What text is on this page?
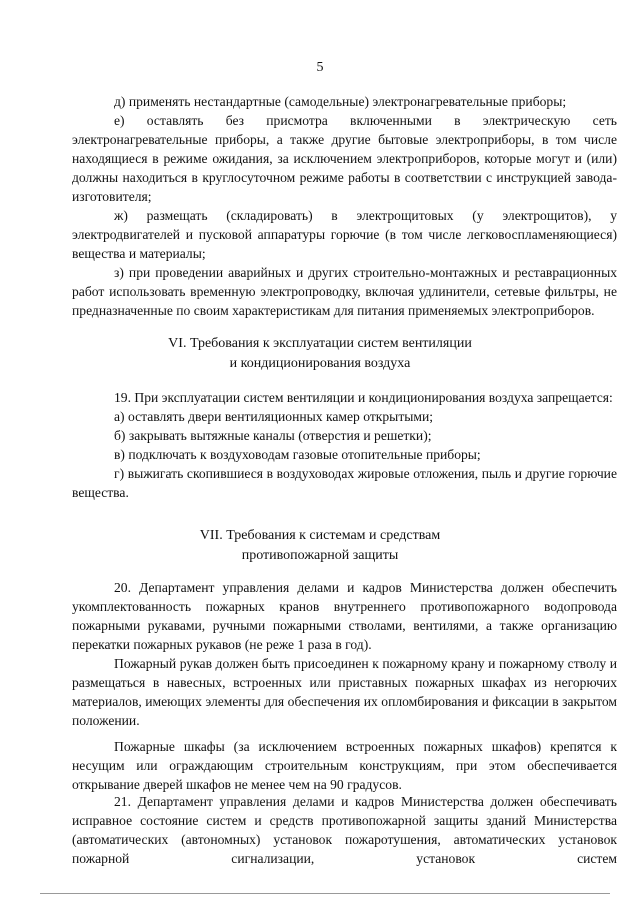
5

д) применять нестандартные (самодельные) электронагревательные приборы;

е) оставлять без присмотра включенными в электрическую сеть электронагревательные приборы, а также другие бытовые электроприборы, в том числе находящиеся в режиме ожидания, за исключением электроприборов, которые могут и (или) должны находиться в круглосуточном режиме работы в соответствии с инструкцией завода-изготовителя;

ж) размещать (складировать) в электрощитовых (у электрощитов), у электродвигателей и пусковой аппаратуры горючие (в том числе легковоспламеняющиеся) вещества и материалы;

з) при проведении аварийных и других строительно-монтажных и реставрационных работ использовать временную электропроводку, включая удлинители, сетевые фильтры, не предназначенные по своим характеристикам для питания применяемых электроприборов.

VI. Требования к эксплуатации систем вентиляции
и кондиционирования воздуха

19. При эксплуатации систем вентиляции и кондиционирования воздуха запрещается:

а) оставлять двери вентиляционных камер открытыми;

б) закрывать вытяжные каналы (отверстия и решетки);

в) подключать к воздуховодам газовые отопительные приборы;

г) выжигать скопившиеся в воздуховодах жировые отложения, пыль и другие горючие вещества.

VII. Требования к системам и средствам
противопожарной защиты

20. Департамент управления делами и кадров Министерства должен обеспечить укомплектованность пожарных кранов внутреннего противопожарного водопровода пожарными рукавами, ручными пожарными стволами, вентилями, а также организацию перекатки пожарных рукавов (не реже 1 раза в год).

Пожарный рукав должен быть присоединен к пожарному крану и пожарному стволу и размещаться в навесных, встроенных или приставных пожарных шкафах из негорючих материалов, имеющих элементы для обеспечения их опломбирования и фиксации в закрытом положении.

Пожарные шкафы (за исключением встроенных пожарных шкафов) крепятся к несущим или ограждающим строительным конструкциям, при этом обеспечивается открывание дверей шкафов не менее чем на 90 градусов.

21. Департамент управления делами и кадров Министерства должен обеспечивать исправное состояние систем и средств противопожарной защиты зданий Министерства (автоматических (автономных) установок пожаротушения, автоматических установок пожарной сигнализации, установок систем
